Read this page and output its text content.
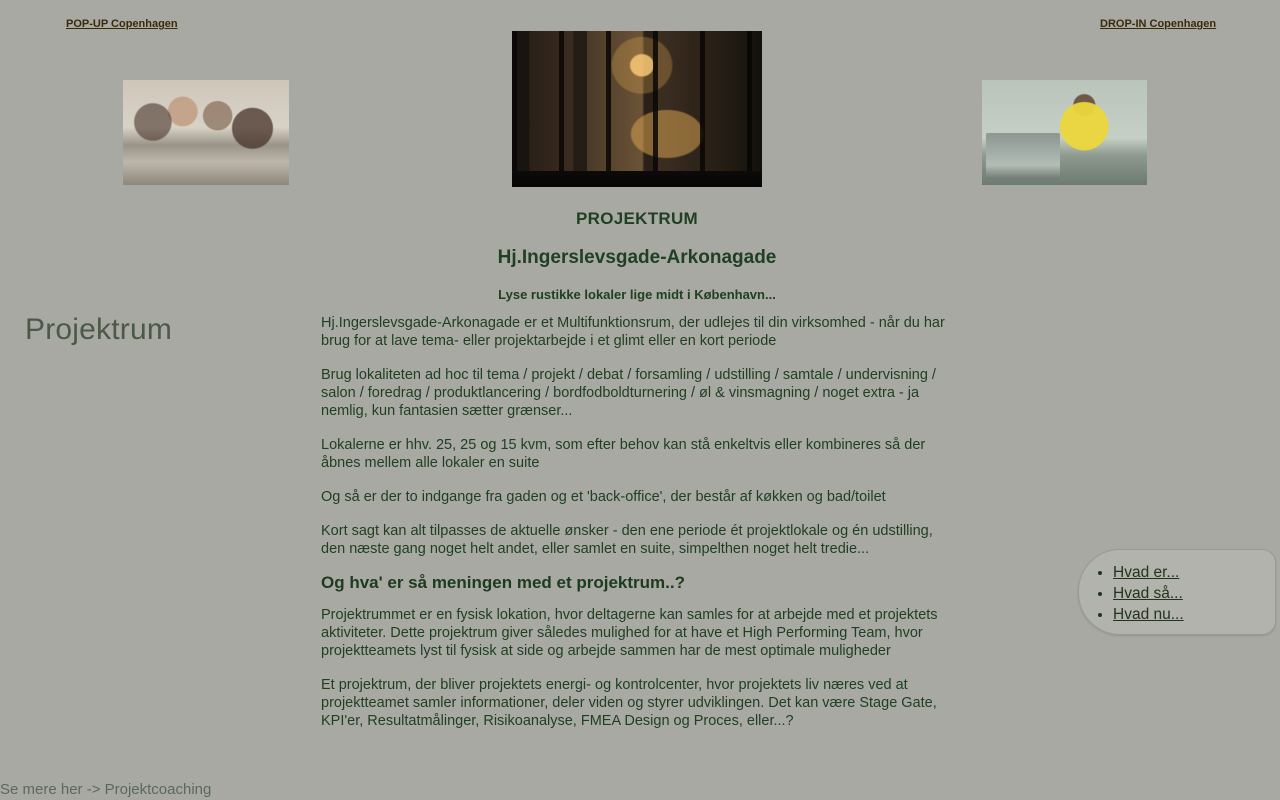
POP-UP Copenhagen	DROP-IN Copenhagen
PROJEKTRUM
Hj.Ingerslevsgade-Arkonagade
Lyse rustikke lokaler lige midt i København...
Projektrum	Hj.Ingerslevsgade-Arkonagade er et Multifunktionsrum, der udlejes til din virksomhed - når du har brug for at lave tema- eller projektarbejde i et glimt eller en kort periode

Brug lokaliteten ad hoc til tema / projekt / debat / forsamling / udstilling / samtale / undervisning / salon / foredrag / produktlancering / bordfodboldturnering / øl & vinsmagning / noget extra - ja nemlig, kun fantasien sætter grænser...

Lokalerne er hhv. 25, 25 og 15 kvm, som efter behov kan stå enkeltvis eller kombineres så der åbnes mellem alle lokaler en suite

Og så er der to indgange fra gaden og et 'back-office', der består af køkken og bad/toilet

Kort sagt kan alt tilpasses de aktuelle ønsker - den ene periode ét projektlokale og én udstilling, den næste gang noget helt andet, eller samlet en suite, simpelthen noget helt tredie...

Og hva' er så meningen med et projektrum..?

Projektrummet er en fysisk lokation, hvor deltagerne kan samles for at arbejde med et projektets aktiviteter. Dette projektrum giver således mulighed for at have et High Performing Team, hvor projektteamets lyst til fysisk at side og arbejde sammen har de mest optimale muligheder

Et projektrum, der bliver projektets energi- og kontrolcenter, hvor projektets liv næres ved at projektteamet samler informationer, deler viden og styrer udviklingen. Det kan være Stage Gate, KPI'er, Resultatmålinger, Risikoanalyse, FMEA Design og Proces, eller...?

Se mere her -> Projektcoaching
• Hvad er...
• Hvad så...
• Hvad nu...
